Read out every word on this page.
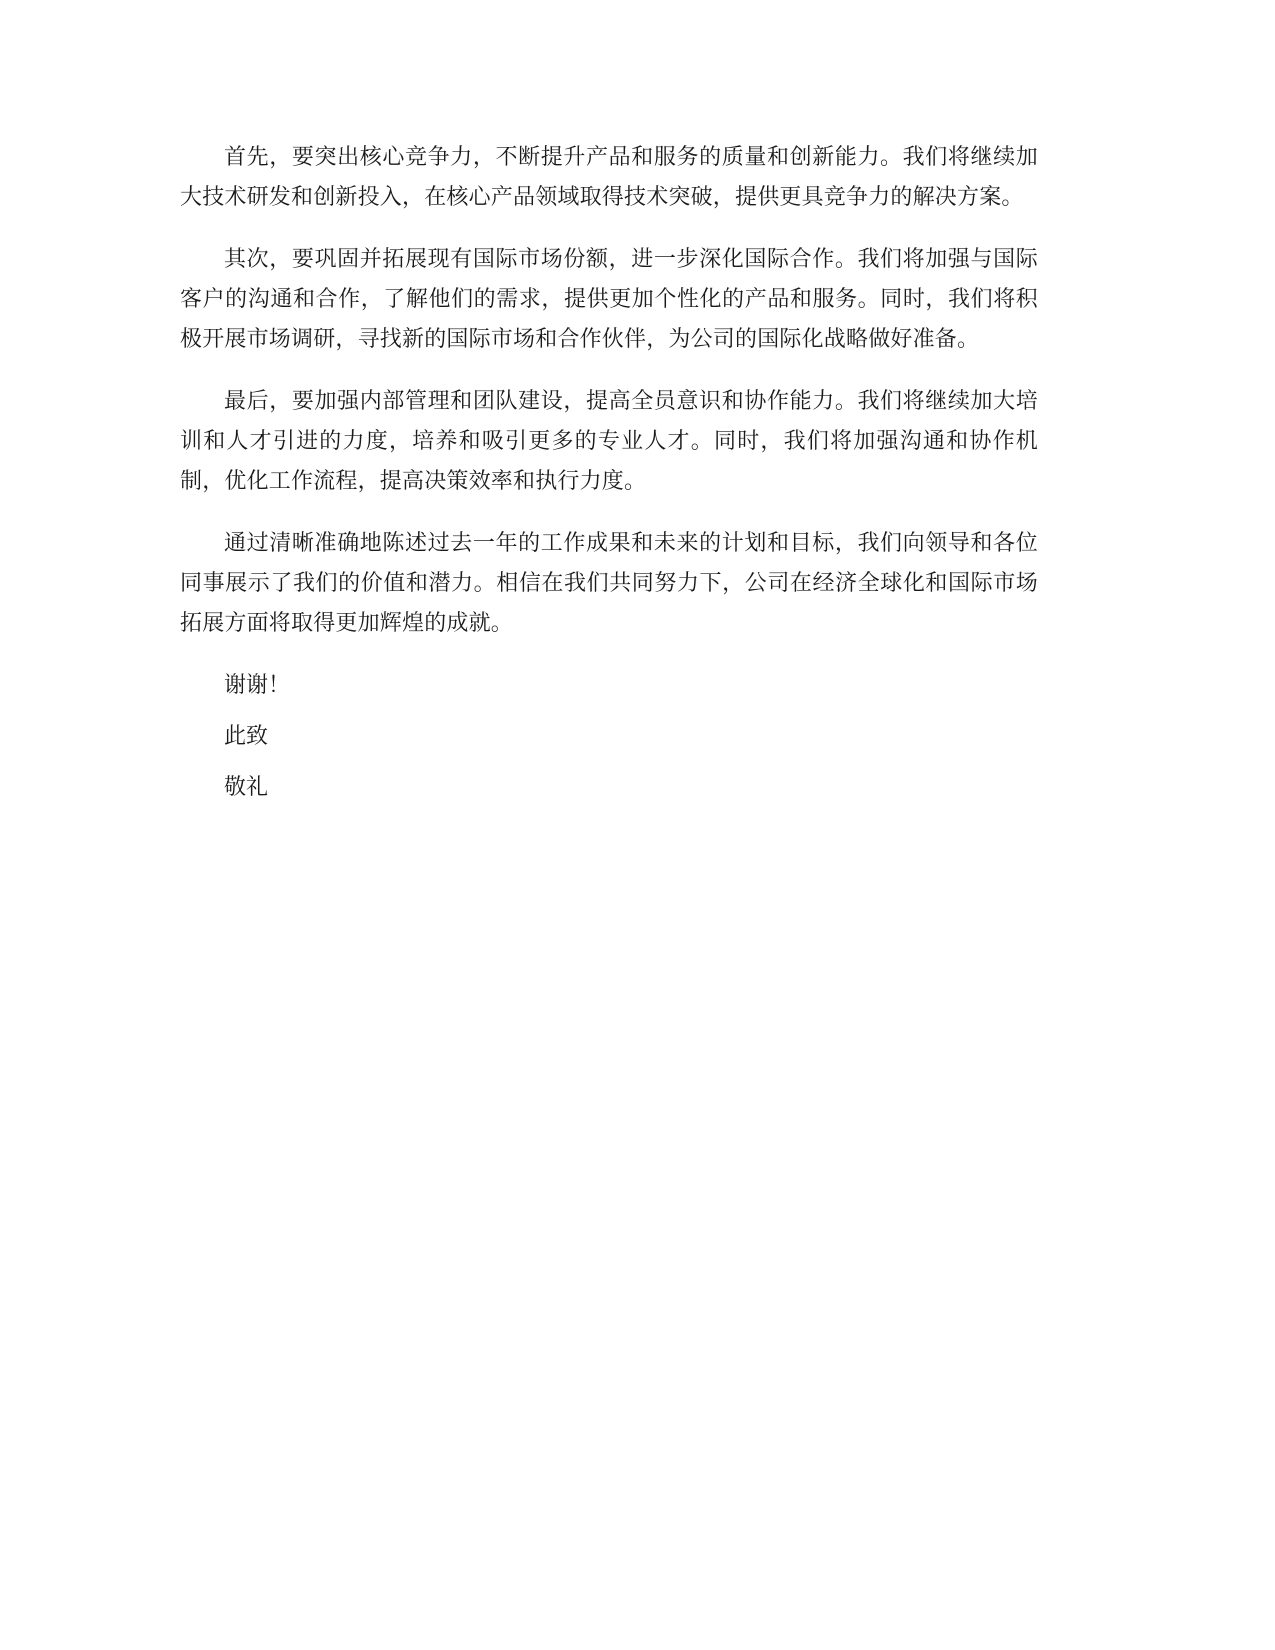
首先，要突出核心竞争力，不断提升产品和服务的质量和创新能力。我们将继续加大技术研发和创新投入，在核心产品领域取得技术突破，提供更具竞争力的解决方案。

其次，要巩固并拓展现有国际市场份额，进一步深化国际合作。我们将加强与国际客户的沟通和合作，了解他们的需求，提供更加个性化的产品和服务。同时，我们将积极开展市场调研，寻找新的国际市场和合作伙伴，为公司的国际化战略做好准备。

最后，要加强内部管理和团队建设，提高全员意识和协作能力。我们将继续加大培训和人才引进的力度，培养和吸引更多的专业人才。同时，我们将加强沟通和协作机制，优化工作流程，提高决策效率和执行力度。

通过清晰准确地陈述过去一年的工作成果和未来的计划和目标，我们向领导和各位同事展示了我们的价值和潜力。相信在我们共同努力下，公司在经济全球化和国际市场拓展方面将取得更加辉煌的成就。

谢谢！

此致

敬礼
